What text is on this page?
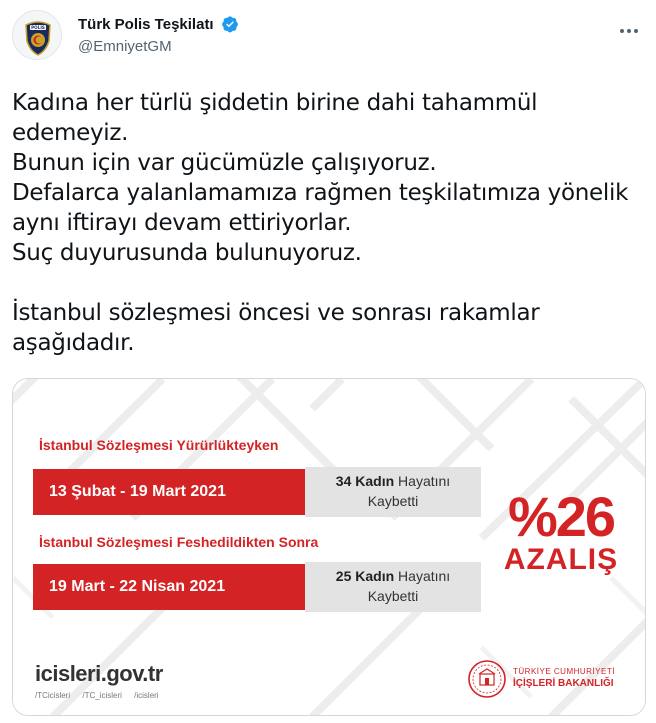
POLIS Türk Polis Teşkilatı
@EmniyetGM
Kadına her türlü şiddetin birine dahi tahammül
edemeyiz.
Bunun için var gücümüzle çalışıyoruz.
Defalarca yalanlamamıza rağmen teşkilatımıza yönelik
aynı iftirayı devam ettiriyorlar.
Suç duyurusunda bulunuyoruz.

İstanbul sözleşmesi öncesi ve sonrası rakamlar
aşağıdadır.
İstanbul Sözleşmesi Yürürlükteyken
13 Şubat - 19 Mart 2021
34 Kadın Hayatını
Kaybetti
İstanbul Sözleşmesi Feshedildikten Sonra
19 Mart - 22 Nisan 2021
25 Kadın Hayatını
Kaybetti
%26
AZALIŞ
icisleri.gov.tr
/TCicisleri /TC_icisleri /icisleri
TÜRKİYE CUMHURİYETİ
İÇİŞLERİ BAKANLIĞI
